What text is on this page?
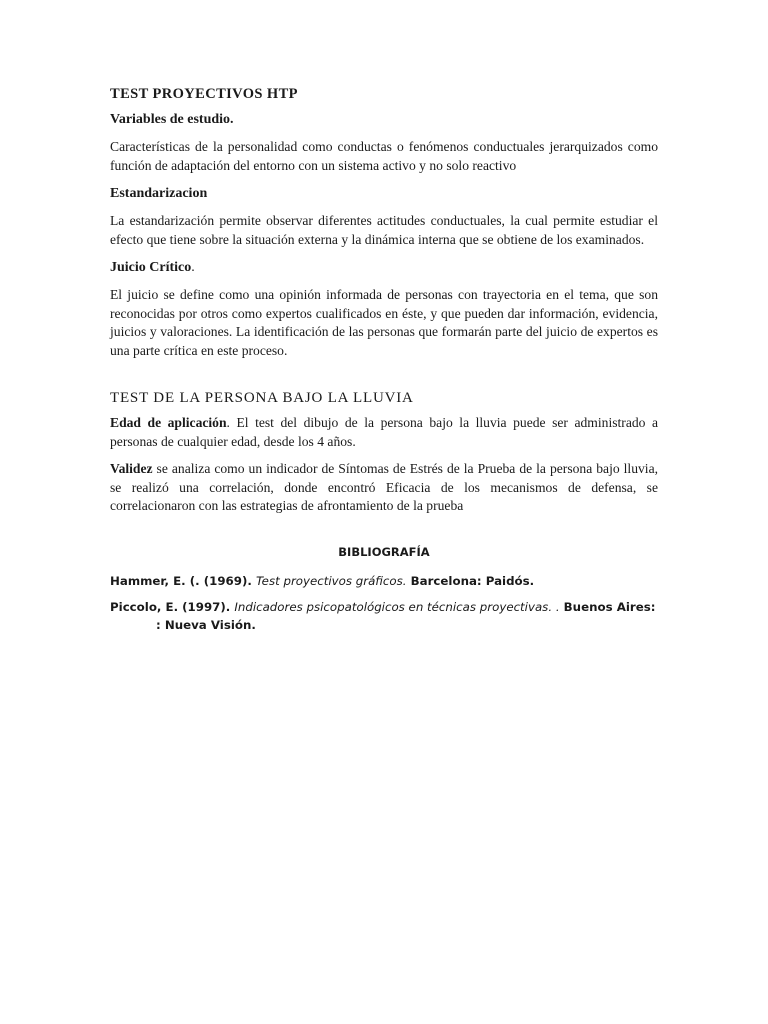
TEST PROYECTIVOS HTP
Variables de estudio.

Características de la personalidad como conductas o fenómenos conductuales jerarquizados como función de adaptación del entorno con un sistema activo y no solo reactivo

Estandarizacion

La estandarización permite observar diferentes actitudes conductuales, la cual permite estudiar el efecto que tiene sobre la situación externa y la dinámica interna que se obtiene de los examinados.

Juicio Crítico.

El juicio se define como una opinión informada de personas con trayectoria en el tema, que son reconocidas por otros como expertos cualificados en éste, y que pueden dar información, evidencia, juicios y valoraciones. La identificación de las personas que formarán parte del juicio de expertos es una parte crítica en este proceso.

TEST DE LA PERSONA BAJO LA LLUVIA

Edad de aplicación. El test del dibujo de la persona bajo la lluvia puede ser administrado a personas de cualquier edad, desde los 4 años.

Validez se analiza como un indicador de Síntomas de Estrés de la Prueba de la persona bajo lluvia, se realizó una correlación, donde encontró Eficacia de los mecanismos de defensa, se correlacionaron con las estrategias de afrontamiento de la prueba

BIBLIOGRAFÍA

Hammer, E. (. (1969). Test proyectivos gráficos. Barcelona: Paidós.

Piccolo, E. (1997). Indicadores psicopatológicos en técnicas proyectivas. . Buenos Aires: : Nueva Visión.
